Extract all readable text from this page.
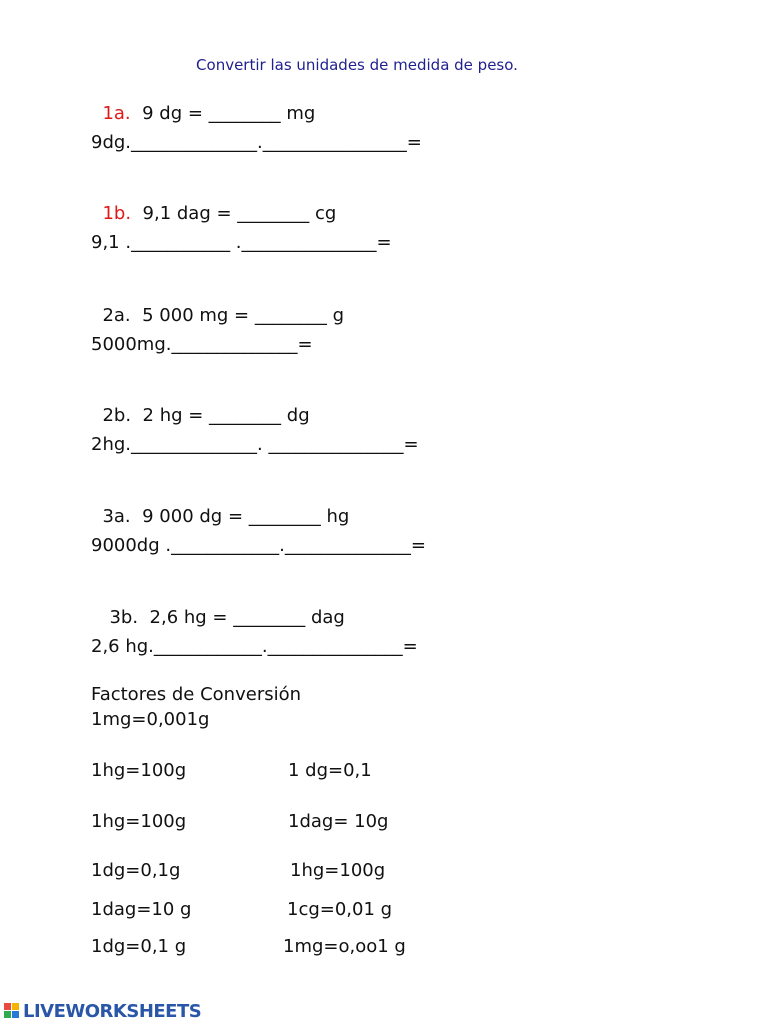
Convertir las unidades de medida de peso.

1a. 9 dg = ________ mg

9dg.______________.________________=

1b. 9,1 dag = ________ cg

9,1 .___________ ._______________=

2a. 5 000 mg = ________ g

5000mg.______________=

2b. 2 hg = ________ dg

2hg.______________. _______________=

3a. 9 000 dg = ________ hg

9000dg .____________.______________=

3b. 2,6 hg = ________ dag

2,6 hg.____________._______________=
Factores de Conversión
1mg=0,001g
1hg=100g	1 dg=0,1
1hg=100g	1dag= 10g
1dg=0,1g	1hg=100g
1dag=10 g	1cg=0,01 g
1dg=0,1 g	1mg=o,oo1 g
LIVEWORKSHEETS
